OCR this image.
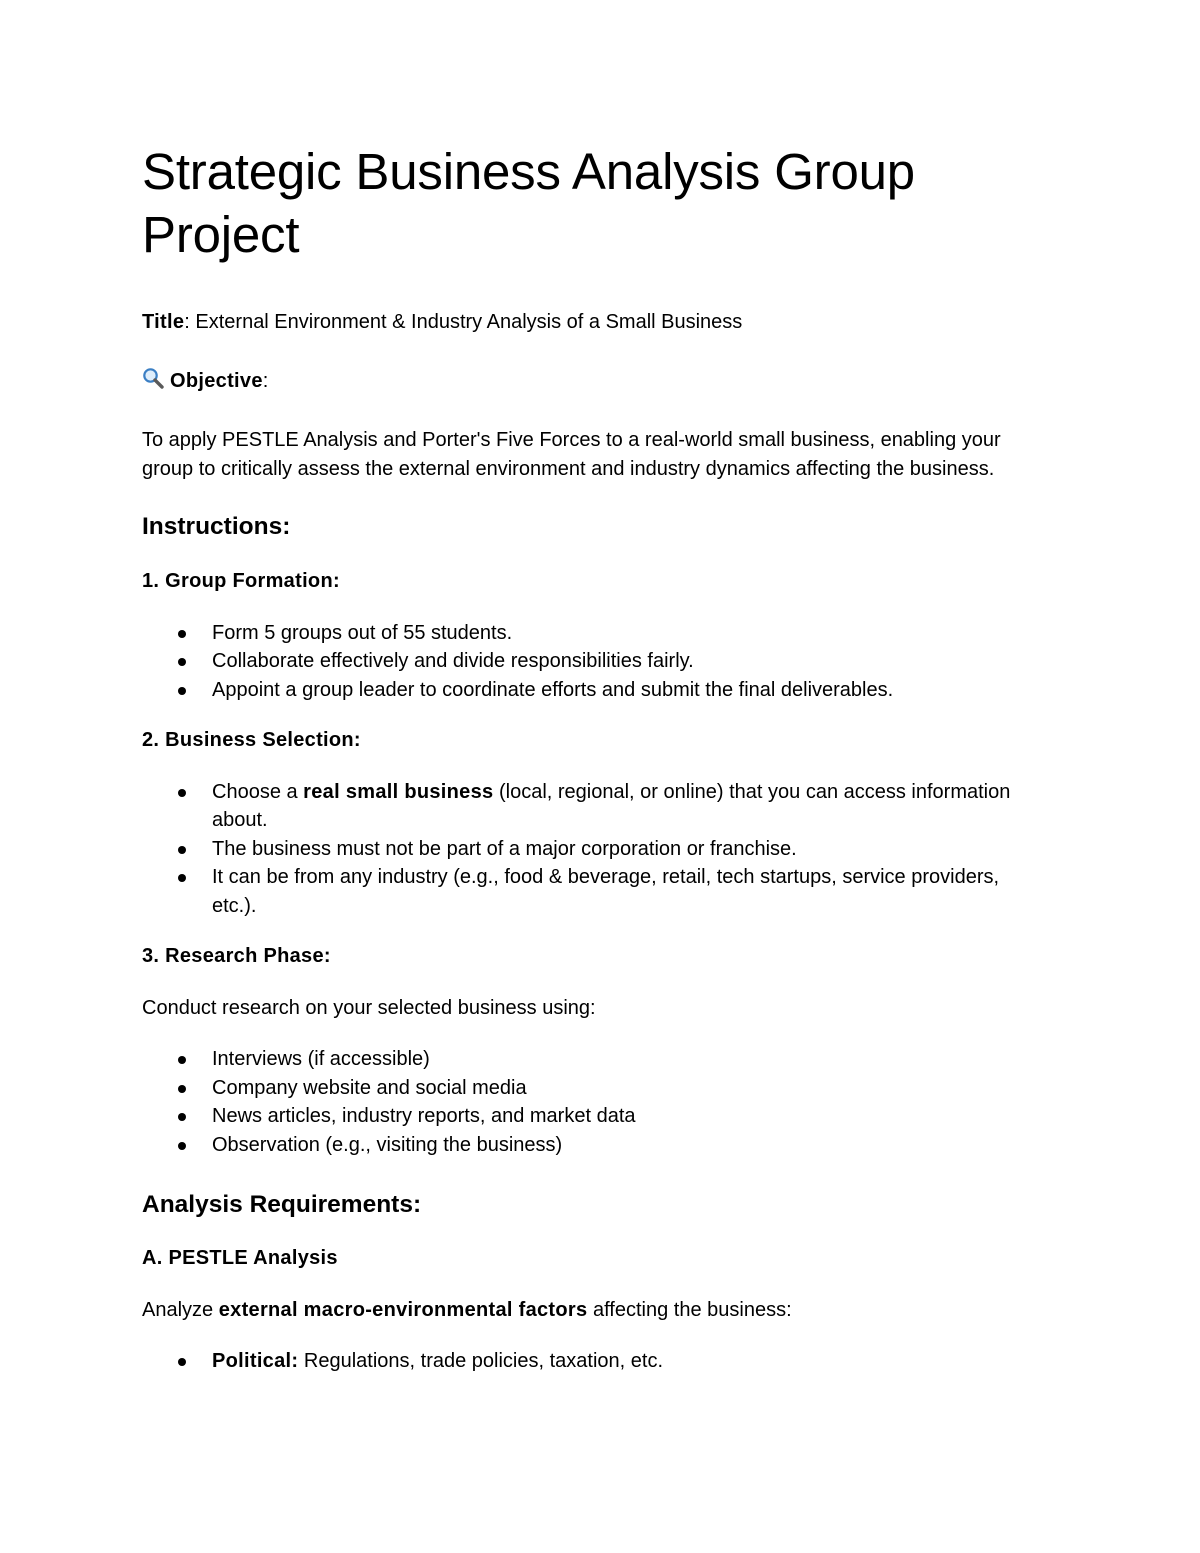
Strategic Business Analysis Group Project

Title: External Environment & Industry Analysis of a Small Business

Objective:

To apply PESTLE Analysis and Porter's Five Forces to a real-world small business, enabling your group to critically assess the external environment and industry dynamics affecting the business.

Instructions:
1. Group Formation:
Form 5 groups out of 55 students.
Collaborate effectively and divide responsibilities fairly.
Appoint a group leader to coordinate efforts and submit the final deliverables.
2. Business Selection:
Choose a real small business (local, regional, or online) that you can access information about.
The business must not be part of a major corporation or franchise.
It can be from any industry (e.g., food & beverage, retail, tech startups, service providers, etc.).
3. Research Phase:

Conduct research on your selected business using:

Interviews (if accessible)
Company website and social media
News articles, industry reports, and market data
Observation (e.g., visiting the business)
Analysis Requirements:
A. PESTLE Analysis

Analyze external macro-environmental factors affecting the business:

Political: Regulations, trade policies, taxation, etc.
